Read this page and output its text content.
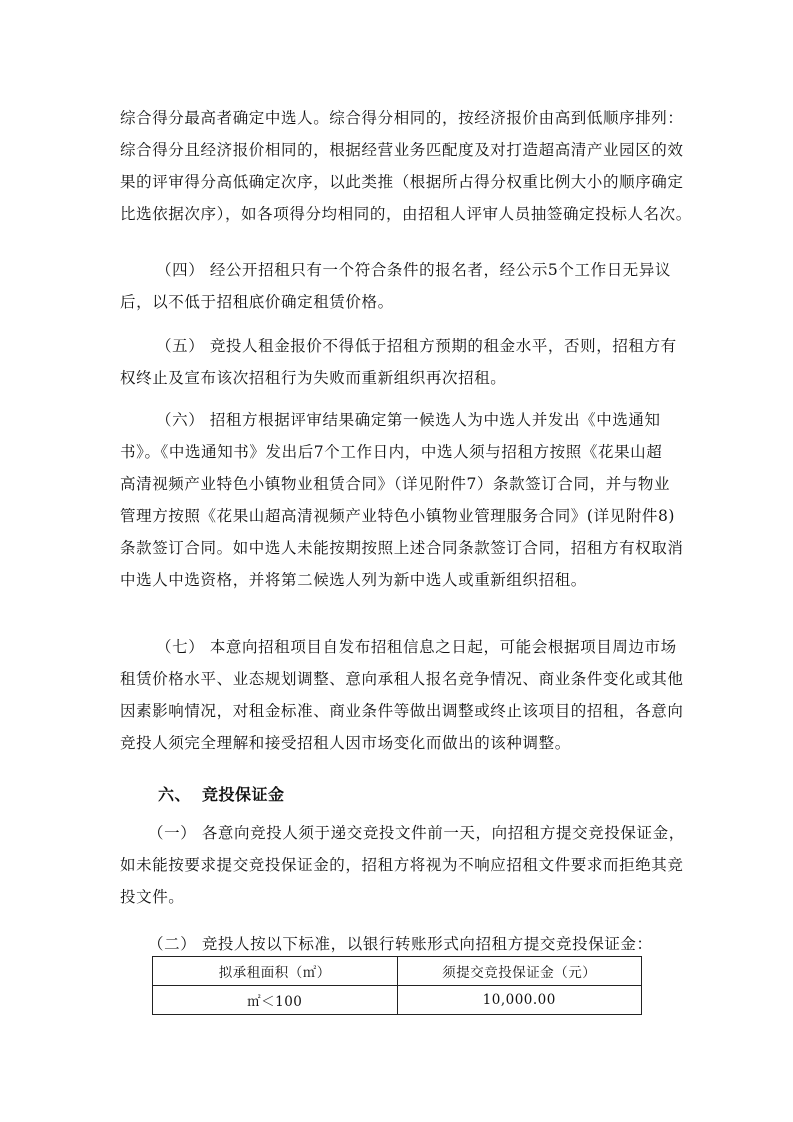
综合得分最高者确定中选人。综合得分相同的，按经济报价由高到低顺序排列：
综合得分且经济报价相同的，根据经营业务匹配度及对打造超高清产业园区的效
果的评审得分高低确定次序，以此类推（根据所占得分权重比例大小的顺序确定
比选依据次序），如各项得分均相同的，由招租人评审人员抽签确定投标人名次。
（四） 经公开招租只有一个符合条件的报名者，经公示5个工作日无异议
后，以不低于招租底价确定租赁价格。
（五） 竞投人租金报价不得低于招租方预期的租金水平，否则，招租方有
权终止及宣布该次招租行为失败而重新组织再次招租。
（六） 招租方根据评审结果确定第一候选人为中选人并发出《中选通知
书》。《中选通知书》发出后7个工作日内，中选人须与招租方按照《花果山超
高清视频产业特色小镇物业租赁合同》（详见附件7）条款签订合同，并与物业
管理方按照《花果山超高清视频产业特色小镇物业管理服务合同》(详见附件8)
条款签订合同。如中选人未能按期按照上述合同条款签订合同，招租方有权取消
中选人中选资格，并将第二候选人列为新中选人或重新组织招租。
（七） 本意向招租项目自发布招租信息之日起，可能会根据项目周边市场
租赁价格水平、业态规划调整、意向承租人报名竞争情况、商业条件变化或其他
因素影响情况，对租金标准、商业条件等做出调整或终止该项目的招租，各意向
竞投人须完全理解和接受招租人因市场变化而做出的该种调整。
六、 竞投保证金
（一） 各意向竞投人须于递交竞投文件前一天，向招租方提交竞投保证金，
如未能按要求提交竞投保证金的，招租方将视为不响应招租文件要求而拒绝其竞
投文件。
（二） 竞投人按以下标准，以银行转账形式向招租方提交竞投保证金：
拟承租面积（㎡）	须提交竞投保证金（元）
㎡＜100	10,000.00
